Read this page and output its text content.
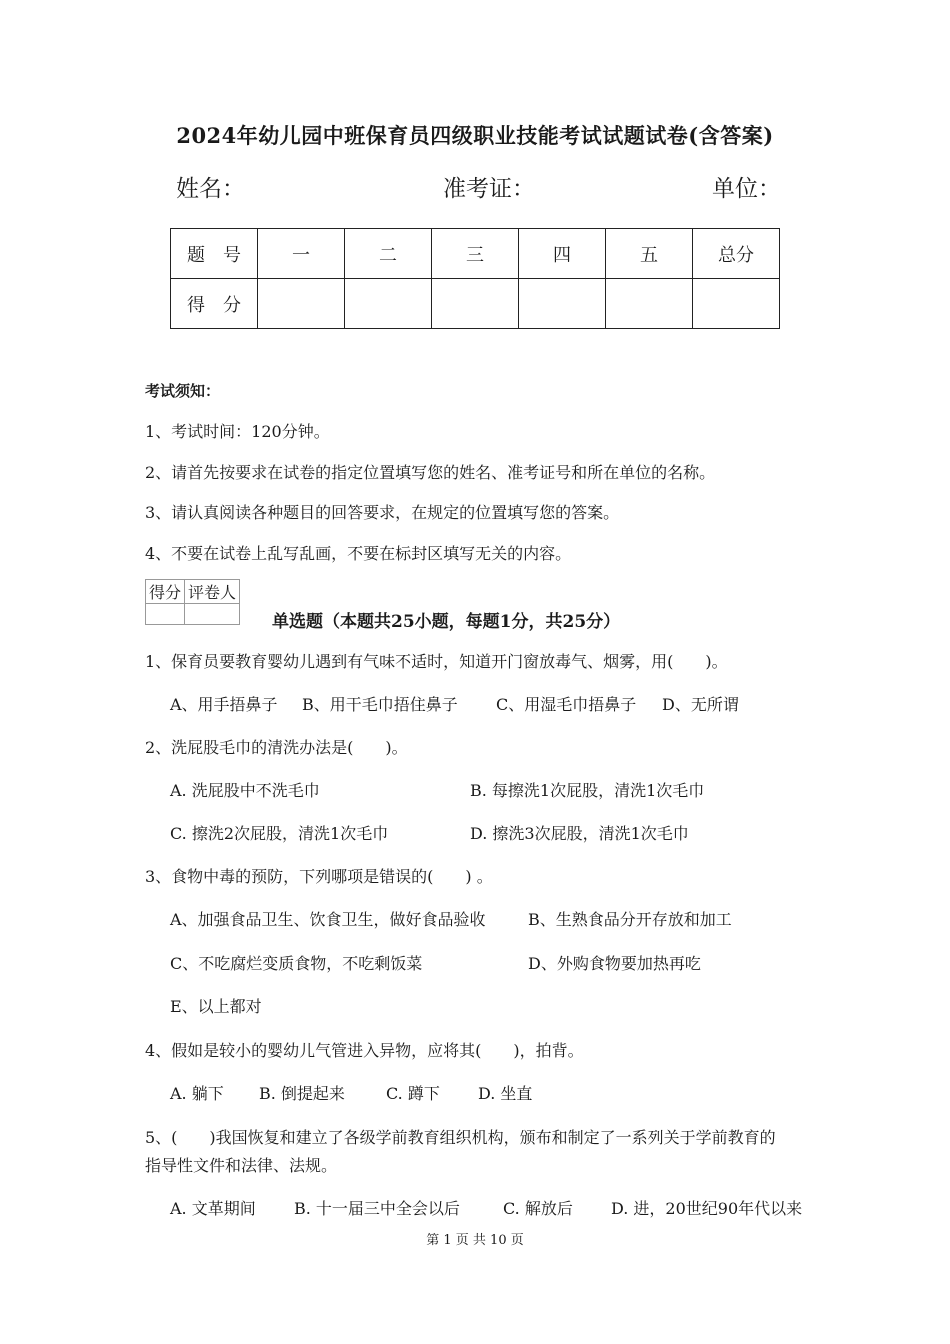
2024年幼儿园中班保育员四级职业技能考试试题试卷(含答案)
姓名：	准考证：	单位：
题　号	一	二	三	四	五	总分
得　分						
考试须知：
1、考试时间：120分钟。
2、请首先按要求在试卷的指定位置填写您的姓名、准考证号和所在单位的名称。
3、请认真阅读各种题目的回答要求，在规定的位置填写您的答案。
4、不要在试卷上乱写乱画，不要在标封区填写无关的内容。
得分	评卷人

单选题（本题共25小题，每题1分，共25分）
1、保育员要教育婴幼儿遇到有气味不适时，知道开门窗放毒气、烟雾，用(　　)。
A、用手捂鼻子 B、用干毛巾捂住鼻子 C、用湿毛巾捂鼻子 D、无所谓
2、洗屁股毛巾的清洗办法是(　　)。
A. 洗屁股中不洗毛巾	B. 每擦洗1次屁股，清洗1次毛巾
C. 擦洗2次屁股，清洗1次毛巾	D. 擦洗3次屁股，清洗1次毛巾
3、食物中毒的预防，下列哪项是错误的(　　) 。
A、加强食品卫生、饮食卫生，做好食品验收	B、生熟食品分开存放和加工
C、不吃腐烂变质食物，不吃剩饭菜	D、外购食物要加热再吃
E、以上都对
4、假如是较小的婴幼儿气管进入异物，应将其(　　)，拍背。
A. 躺下 B. 倒提起来	C. 蹲下 D. 坐直
5、(　　)我国恢复和建立了各级学前教育组织机构，颁布和制定了一系列关于学前教育的
指导性文件和法律、法规。
A. 文革期间 B. 十一届三中全会以后	C. 解放后 D. 进，20世纪90年代以来
第 1 页 共 10 页
